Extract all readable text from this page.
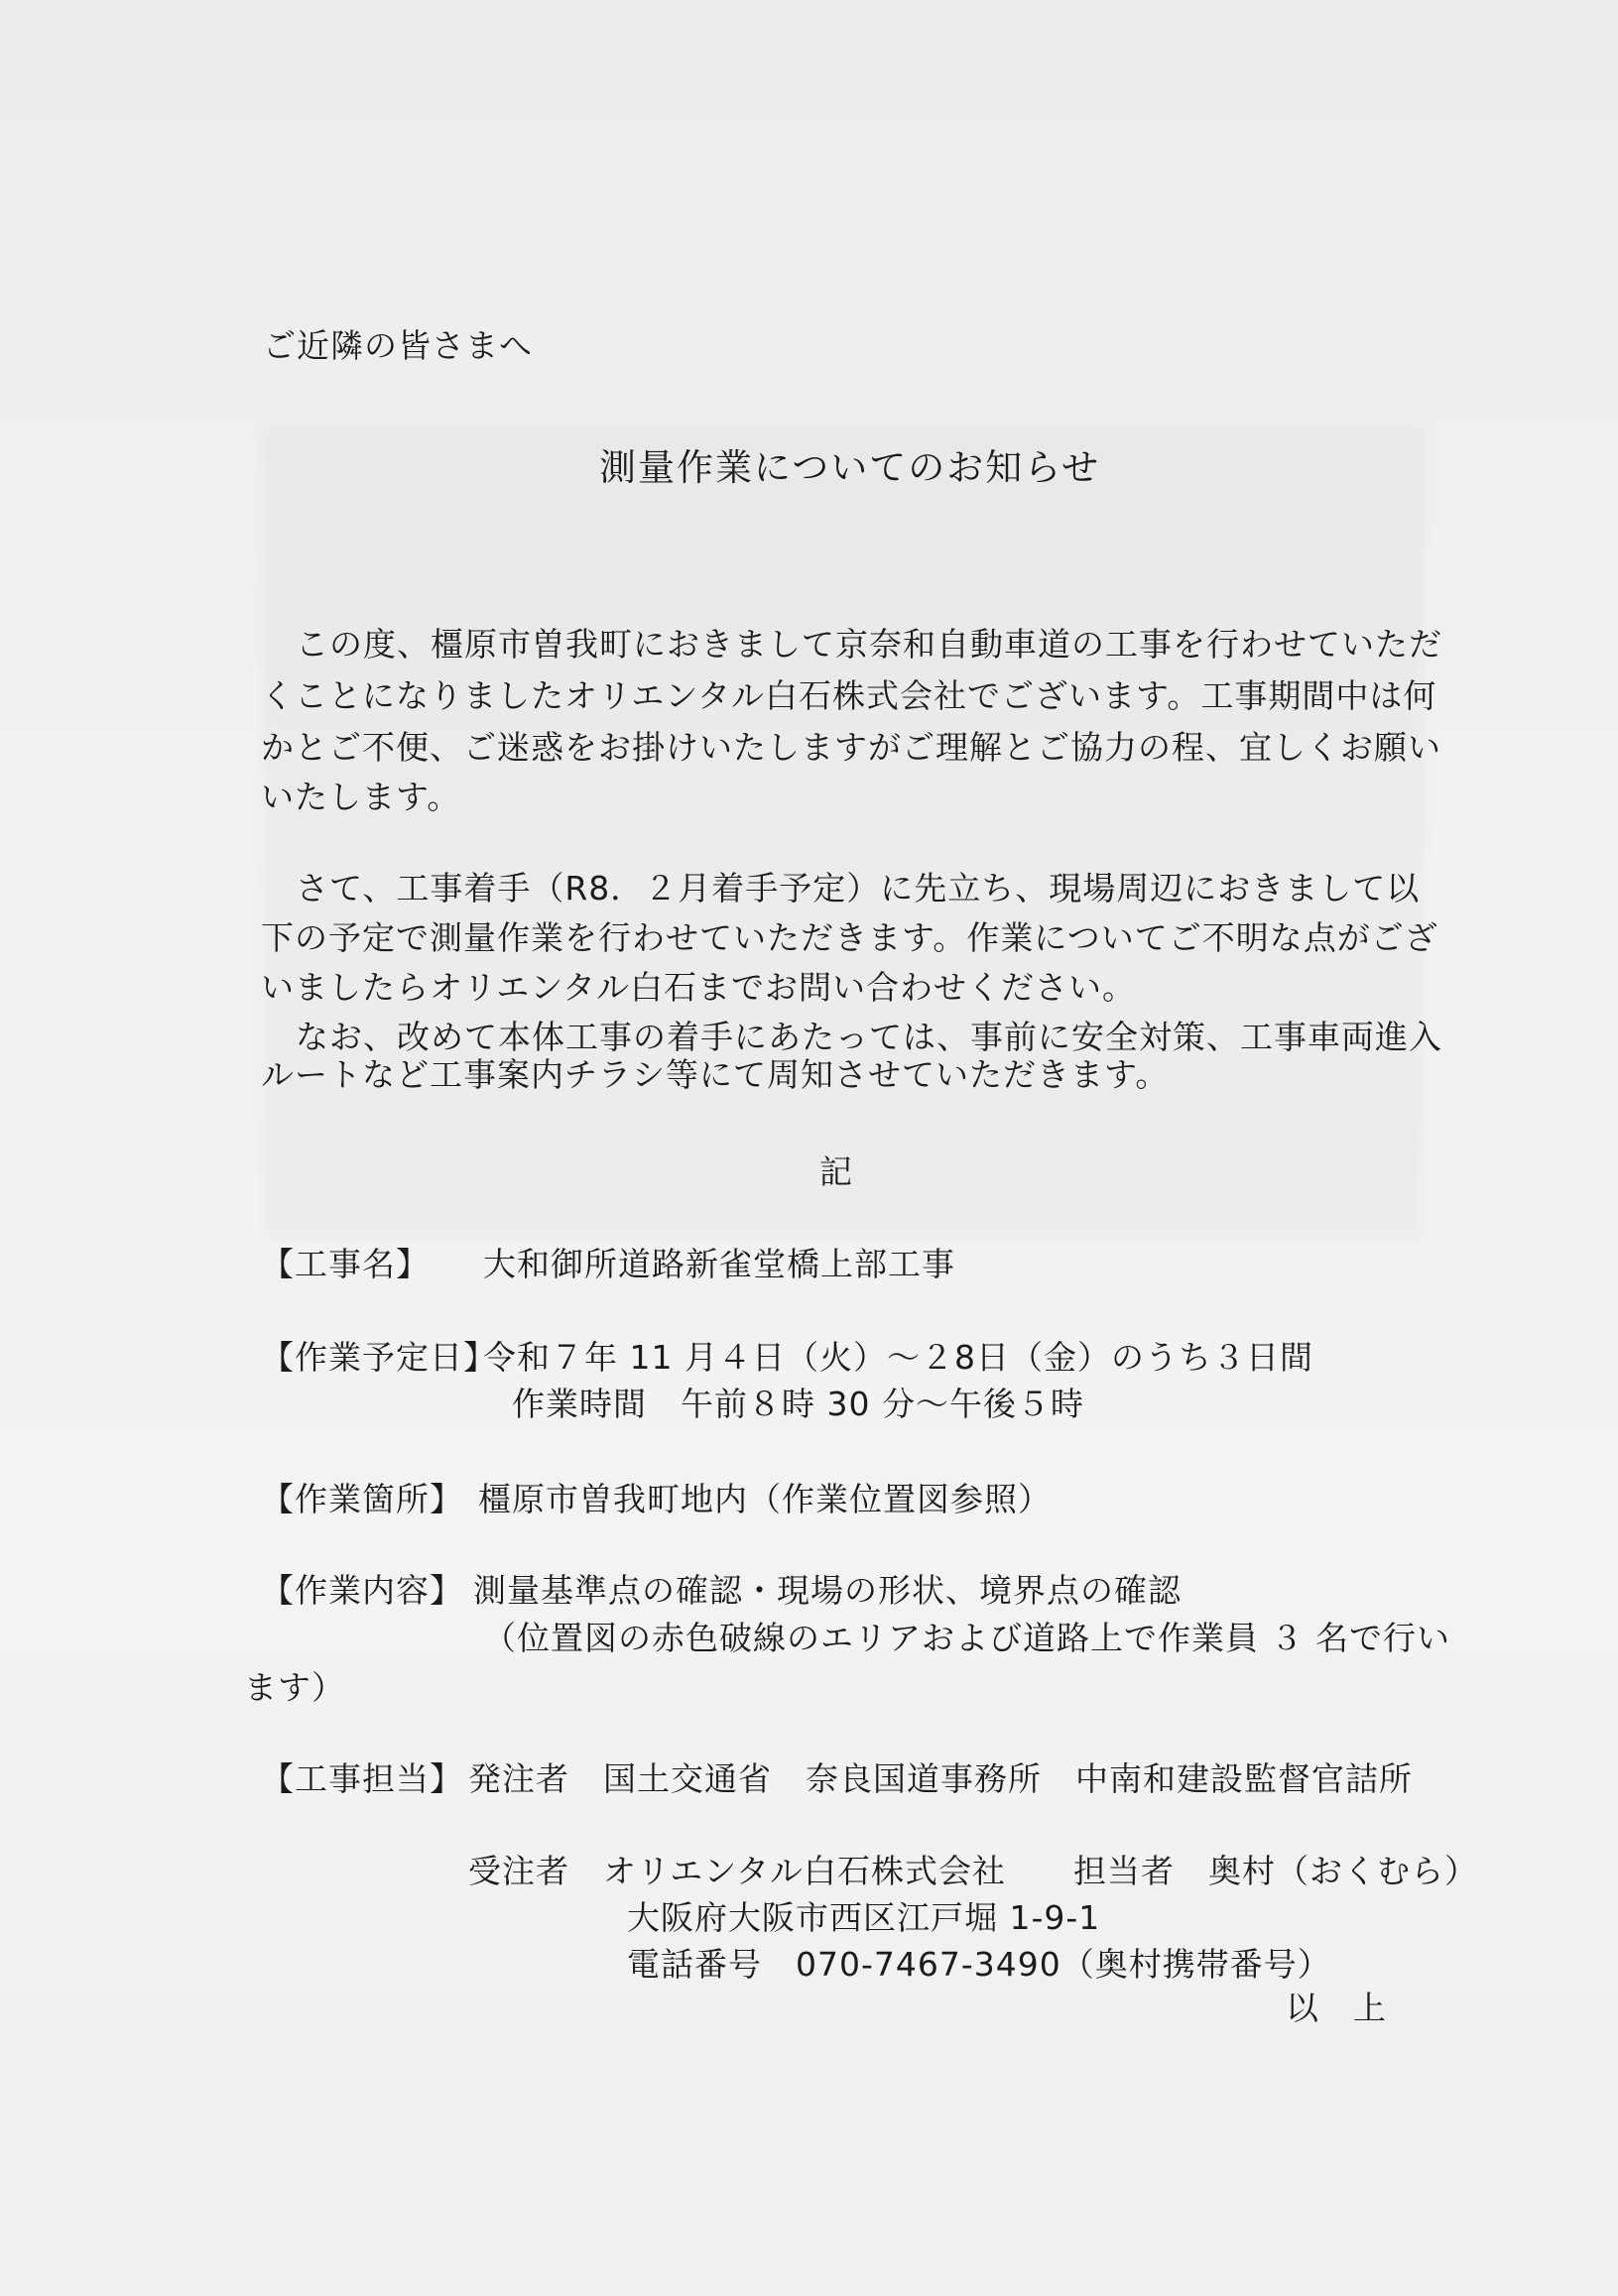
ご近隣の皆さまへ
測量作業についてのお知らせ
この度、橿原市曽我町におきまして京奈和自動車道の工事を行わせていただ
くことになりましたオリエンタル白石株式会社でございます。工事期間中は何
かとご不便、ご迷惑をお掛けいたしますがご理解とご協力の程、宜しくお願い
いたします。
さて、工事着手（R8．２月着手予定）に先立ち、現場周辺におきまして以
下の予定で測量作業を行わせていただきます。作業についてご不明な点がござ
いましたらオリエンタル白石までお問い合わせください。
なお、改めて本体工事の着手にあたっては、事前に安全対策、工事車両進入
ルートなど工事案内チラシ等にて周知させていただきます。
記
【工事名】 大和御所道路新雀堂橋上部工事
【作業予定日】
令和７年 11 月４日（火）～２8日（金）のうち３日間
作業時間　午前８時 30 分～午後５時
【作業箇所】 橿原市曽我町地内（作業位置図参照）
【作業内容】 測量基準点の確認・現場の形状、境界点の確認
（位置図の赤色破線のエリアおよび道路上で作業員 ３ 名で行い
ます）
【工事担当】 発注者　国土交通省　奈良国道事務所　中南和建設監督官詰所
受注者　オリエンタル白石株式会社　　担当者　奥村（おくむら）
大阪府大阪市西区江戸堀 1-9-1
電話番号　070-7467-3490（奥村携帯番号）
以　上
